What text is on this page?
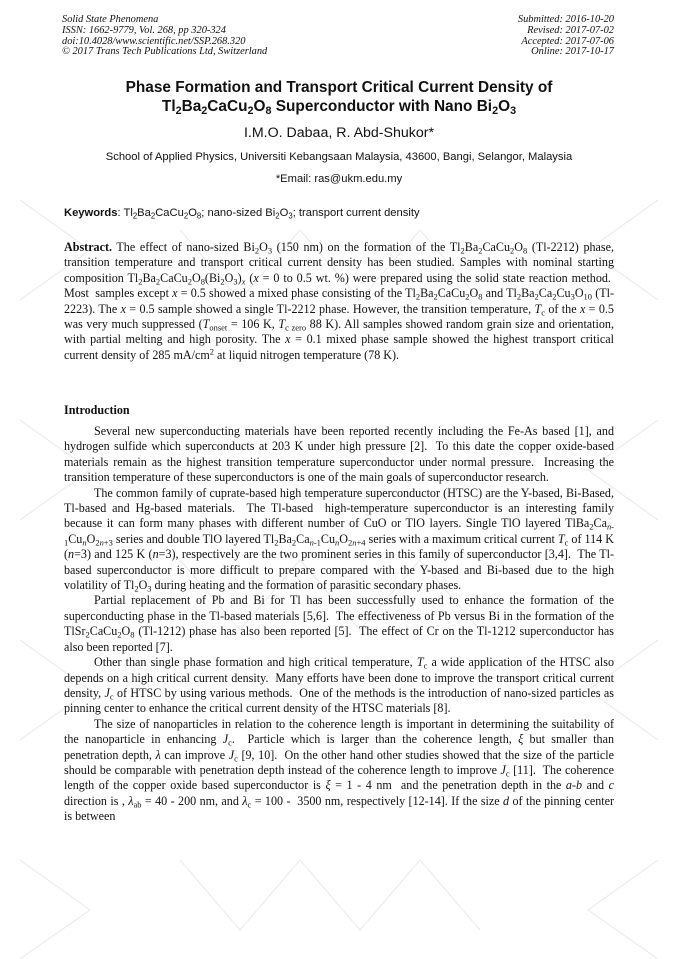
Solid State Phenomena
ISSN: 1662-9779, Vol. 268, pp 320-324
doi:10.4028/www.scientific.net/SSP.268.320
© 2017 Trans Tech Publications Ltd, Switzerland
Submitted: 2016-10-20
Revised: 2017-07-02
Accepted: 2017-07-06
Online: 2017-10-17
Phase Formation and Transport Critical Current Density of
$Tl_2Ba_2CaCu_2O_8$ Superconductor with Nano $Bi_2O_3$
I.M.O. Dabaa, R. Abd-Shukor*
School of Applied Physics, Universiti Kebangsaan Malaysia, 43600, Bangi, Selangor, Malaysia
*Email: ras@ukm.edu.my
Keywords: $Tl_2Ba_2CaCu_2O_8$; nano-sized $Bi_2O_3$; transport current density

Abstract. The effect of nano-sized $Bi_2O_3$ (150 nm) on the formation of the $Tl_2Ba_2CaCu_2O_8$ (Tl-2212) phase, transition temperature and transport critical current density has been studied. Samples with nominal starting composition $Tl_2Ba_2CaCu_2O_8(Bi_2O_3)_x$ (x = 0 to 0.5 wt. %) were prepared using the solid state reaction method.  Most  samples except x = 0.5 showed a mixed phase consisting of the $Tl_2Ba_2CaCu_2O_8$ and $Tl_2Ba_2Ca_2Cu_3O_{10}$ (Tl-2223). The x = 0.5 sample showed a single Tl-2212 phase. However, the transition temperature, $T_c$ of the x = 0.5 was very much suppressed ($T_{onset} = 106$ K, $T_{c zero}$ 88 K). All samples showed random grain size and orientation, with partial melting and high porosity. The x = 0.1 mixed phase sample showed the highest transport critical current density of 285 $mA/cm^2$ at liquid nitrogen temperature (78 K).

Introduction

Several new superconducting materials have been reported recently including the Fe-As based [1], and hydrogen sulfide which superconducts at 203 K under high pressure [2].  To this date the copper oxide-based materials remain as the highest transition temperature superconductor under normal pressure.  Increasing the transition temperature of these superconductors is one of the main goals of superconductor research.

The common family of cuprate-based high temperature superconductor (HTSC) are the Y-based, Bi-Based, Tl-based and Hg-based materials.  The Tl-based  high-temperature superconductor is an interesting family because it can form many phases with different number of CuO or TlO layers. Single TlO layered $TlBa_2Ca_{n-1}Cu_nO_{2n+3}$ series and double TlO layered $Tl_2Ba_2Ca_{n-1}Cu_nO_{2n+4}$ series with a maximum critical current $T_c$ of 114 K (n=3) and 125 K (n=3), respectively are the two prominent series in this family of superconductor [3,4].  The Tl-based superconductor is more difficult to prepare compared with the Y-based and Bi-based due to the high volatility of $Tl_2O_3$ during heating and the formation of parasitic secondary phases.

Partial replacement of Pb and Bi for Tl has been successfully used to enhance the formation of the superconducting phase in the Tl-based materials [5,6].  The effectiveness of Pb versus Bi in the formation of the $TlSr_2CaCu_2O_8$ (Tl-1212) phase has also been reported [5].  The effect of Cr on the Tl-1212 superconductor has also been reported [7].

Other than single phase formation and high critical temperature, $T_c$ a wide application of the HTSC also depends on a high critical current density.  Many efforts have been done to improve the transport critical current density, $J_c$ of HTSC by using various methods.  One of the methods is the introduction of nano-sized particles as pinning center to enhance the critical current density of the HTSC materials [8].

The size of nanoparticles in relation to the coherence length is important in determining the suitability of the nanoparticle in enhancing $J_c$.  Particle which is larger than the coherence length, ξ but smaller than penetration depth, λ can improve $J_c$ [9, 10].  On the other hand other studies showed that the size of the particle should be comparable with penetration depth instead of the coherence length to improve $J_c$ [11].  The coherence length of the copper oxide based superconductor is ξ = 1 - 4 nm  and the penetration depth in the a-b and c direction is , $\lambda_{ab} = 40 - 200$ nm, and $\lambda_c = 100 - 3500$ nm, respectively [12-14]. If the size d of the pinning center is between
